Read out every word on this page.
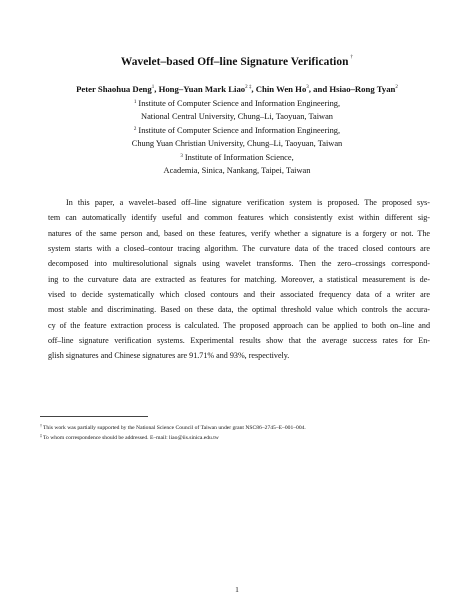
Wavelet–based Off–line Signature Verification †
Peter Shaohua Deng$^1$, Hong–Yuan Mark Liao$^{2 \ddagger}$, Chin Wen Ho$^3$, and Hsiao–Rong Tyan$^2$
$^1$ Institute of Computer Science and Information Engineering,
National Central University, Chung–Li, Taoyuan, Taiwan
$^2$ Institute of Computer Science and Information Engineering,
Chung Yuan Christian University, Chung–Li, Taoyuan, Taiwan
$^3$ Institute of Information Science,
Academia, Sinica, Nankang, Taipei, Taiwan
In this paper, a wavelet–based off–line signature verification system is proposed. The proposed sys-
tem can automatically identify useful and common features which consistently exist within different sig-
natures of the same person and, based on these features, verify whether a signature is a forgery or not. The
system starts with a closed–contour tracing algorithm. The curvature data of the traced closed contours are
decomposed into multiresolutional signals using wavelet transforms. Then the zero–crossings correspond-
ing to the curvature data are extracted as features for matching. Moreover, a statistical measurement is de-
vised to decide systematically which closed contours and their associated frequency data of a writer are
most stable and discriminating. Based on these data, the optimal threshold value which controls the accura-
cy of the feature extraction process is calculated. The proposed approach can be applied to both on–line and
off–line signature verification systems. Experimental results show that the average success rates for En-
glish signatures and Chinese signatures are 91.71% and 93%, respectively.
†This work was partially supported by the National Science Council of Taiwan under grant NSC86–2745–E–001–004.
‡To whom correspondence should be addressed. E–mail: liao@iis.sinica.edu.tw
1
